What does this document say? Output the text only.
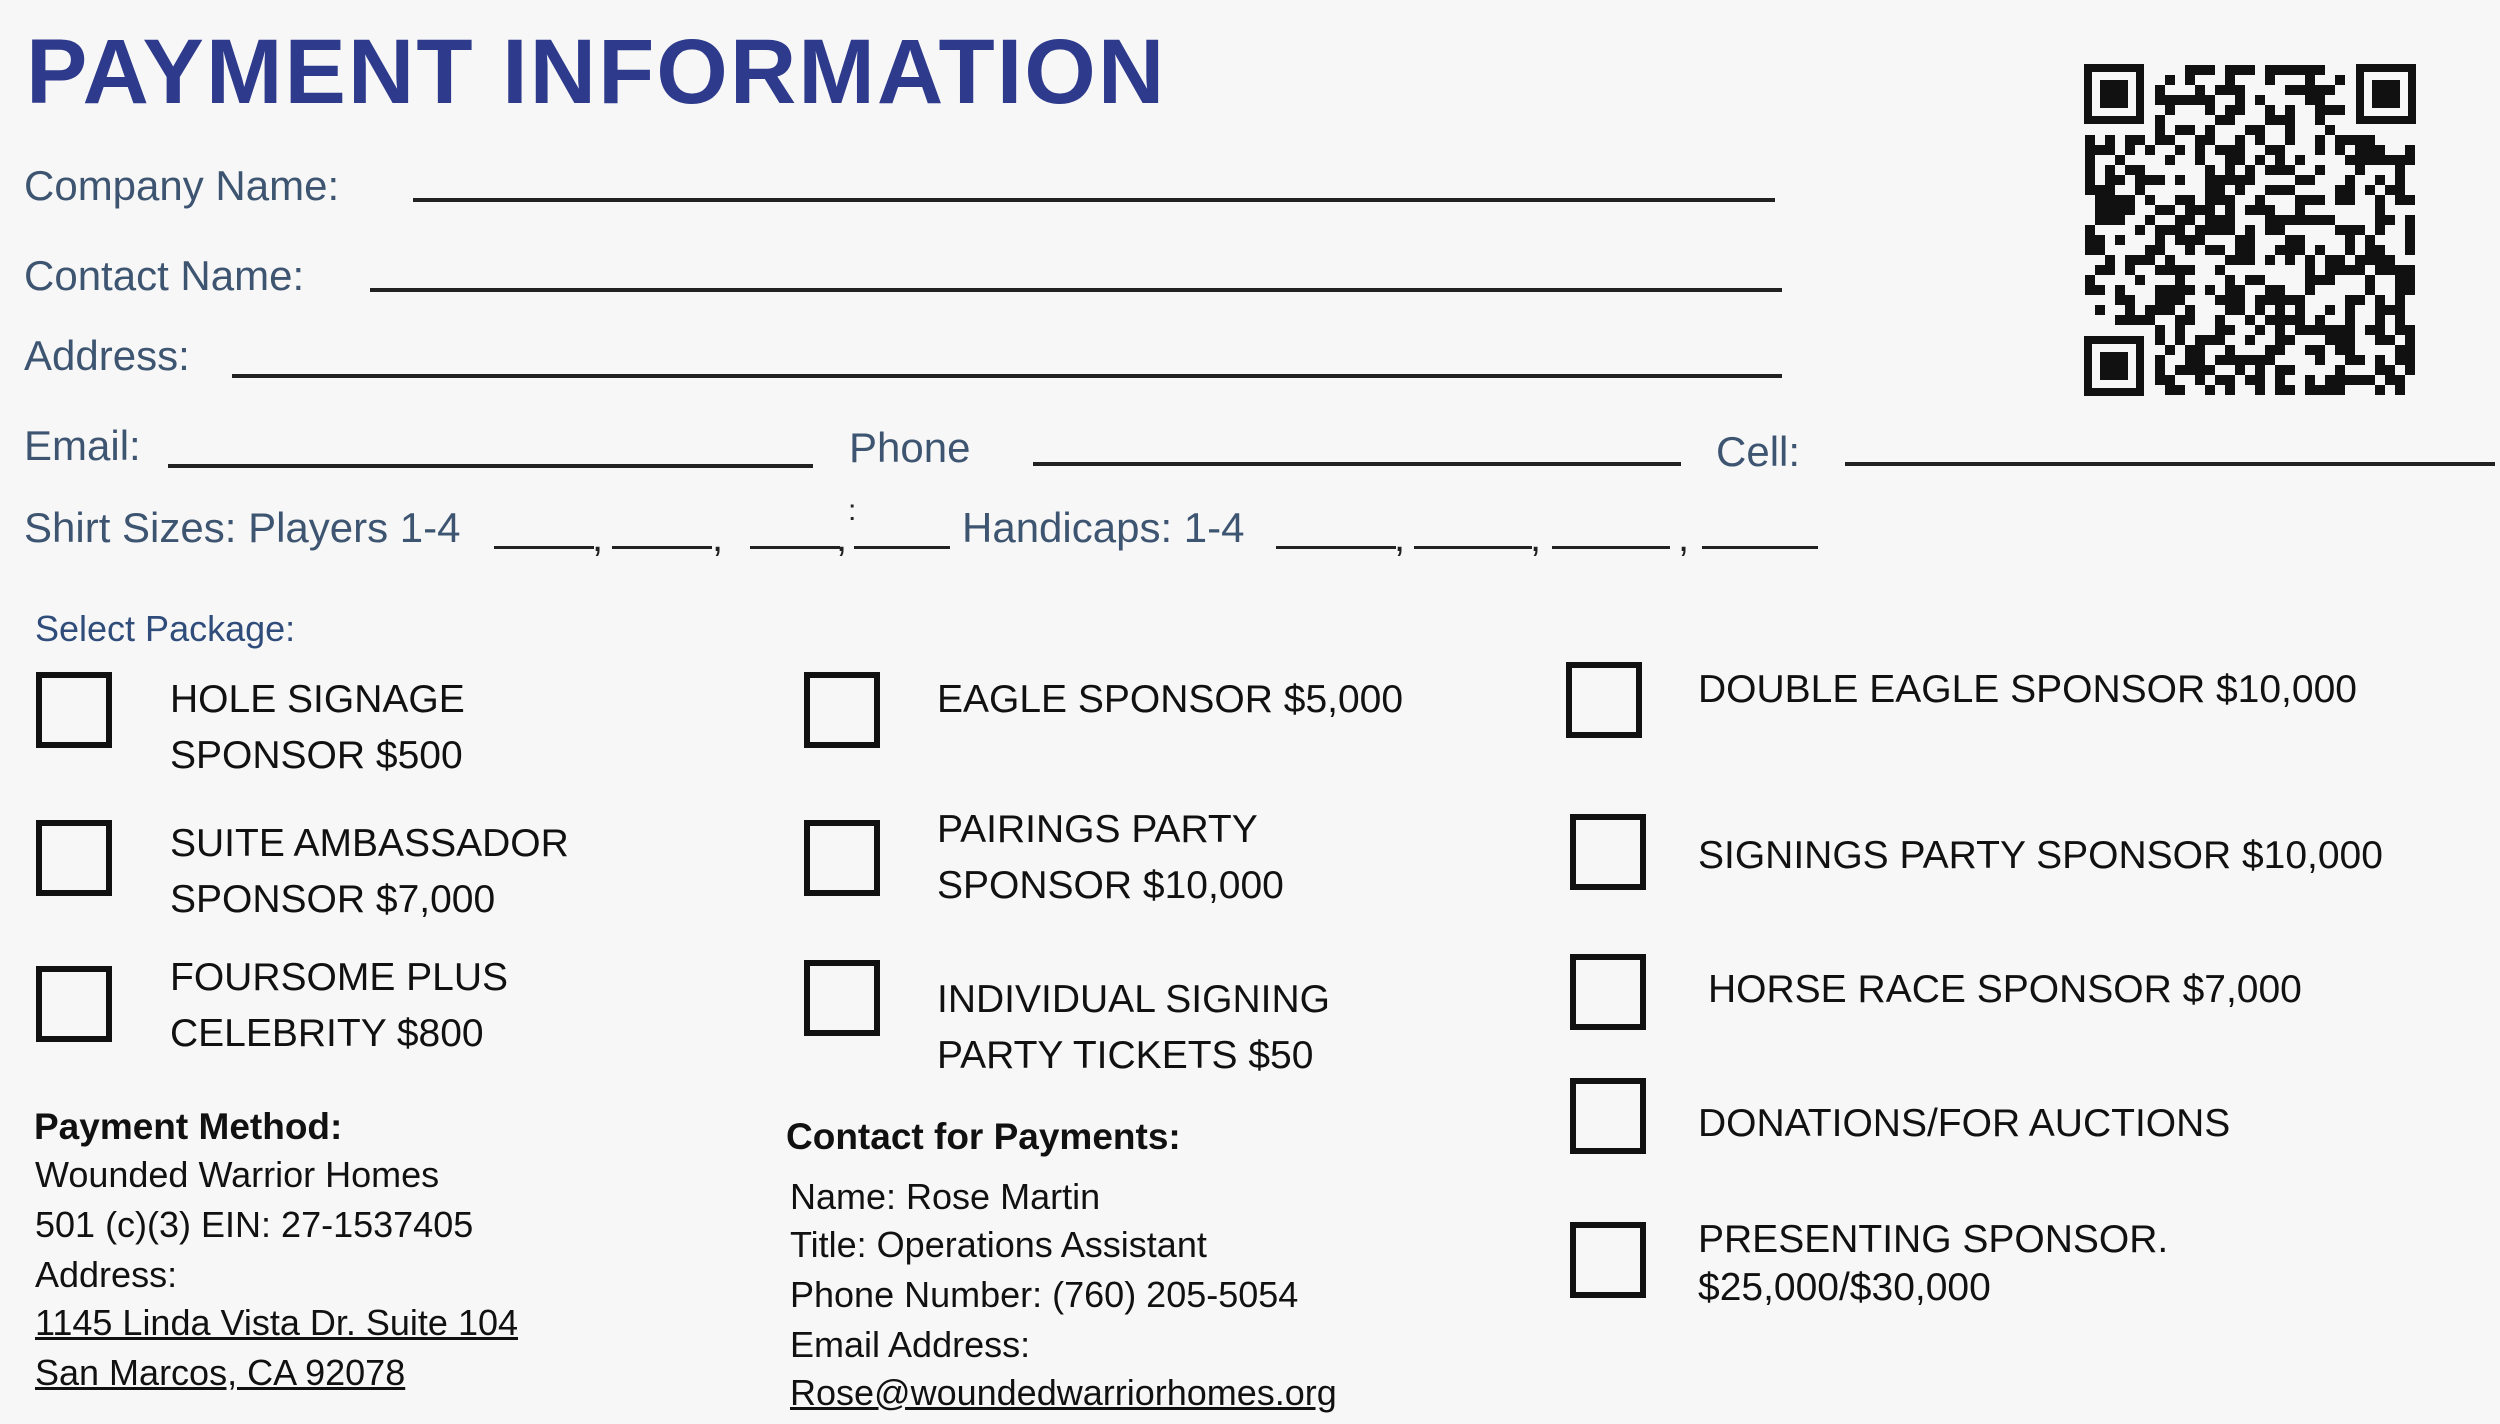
PAYMENT INFORMATION
Company Name:
Contact Name:
Address:
Email:	Phone	Cell:
Shirt Sizes: Players 1-4	,	,	,
:	Handicaps: 1-4	,	,	,
Select Package:
HOLE SIGNAGE
SPONSOR $500
SUITE AMBASSADOR
SPONSOR $7,000
FOURSOME PLUS
CELEBRITY $800
EAGLE SPONSOR $5,000
PAIRINGS PARTY
SPONSOR $10,000
INDIVIDUAL SIGNING
PARTY TICKETS $50
DOUBLE EAGLE SPONSOR $10,000
SIGNINGS PARTY SPONSOR $10,000
HORSE RACE SPONSOR $7,000
DONATIONS/FOR AUCTIONS
PRESENTING SPONSOR.
$25,000/$30,000
Payment Method:
Wounded Warrior Homes
501 (c)(3) EIN: 27-1537405
Address:
1145 Linda Vista Dr. Suite 104
San Marcos, CA 92078
Contact for Payments:
Name: Rose Martin
Title: Operations Assistant
Phone Number: (760) 205-5054
Email Address:
Rose@woundedwarriorhomes.org
